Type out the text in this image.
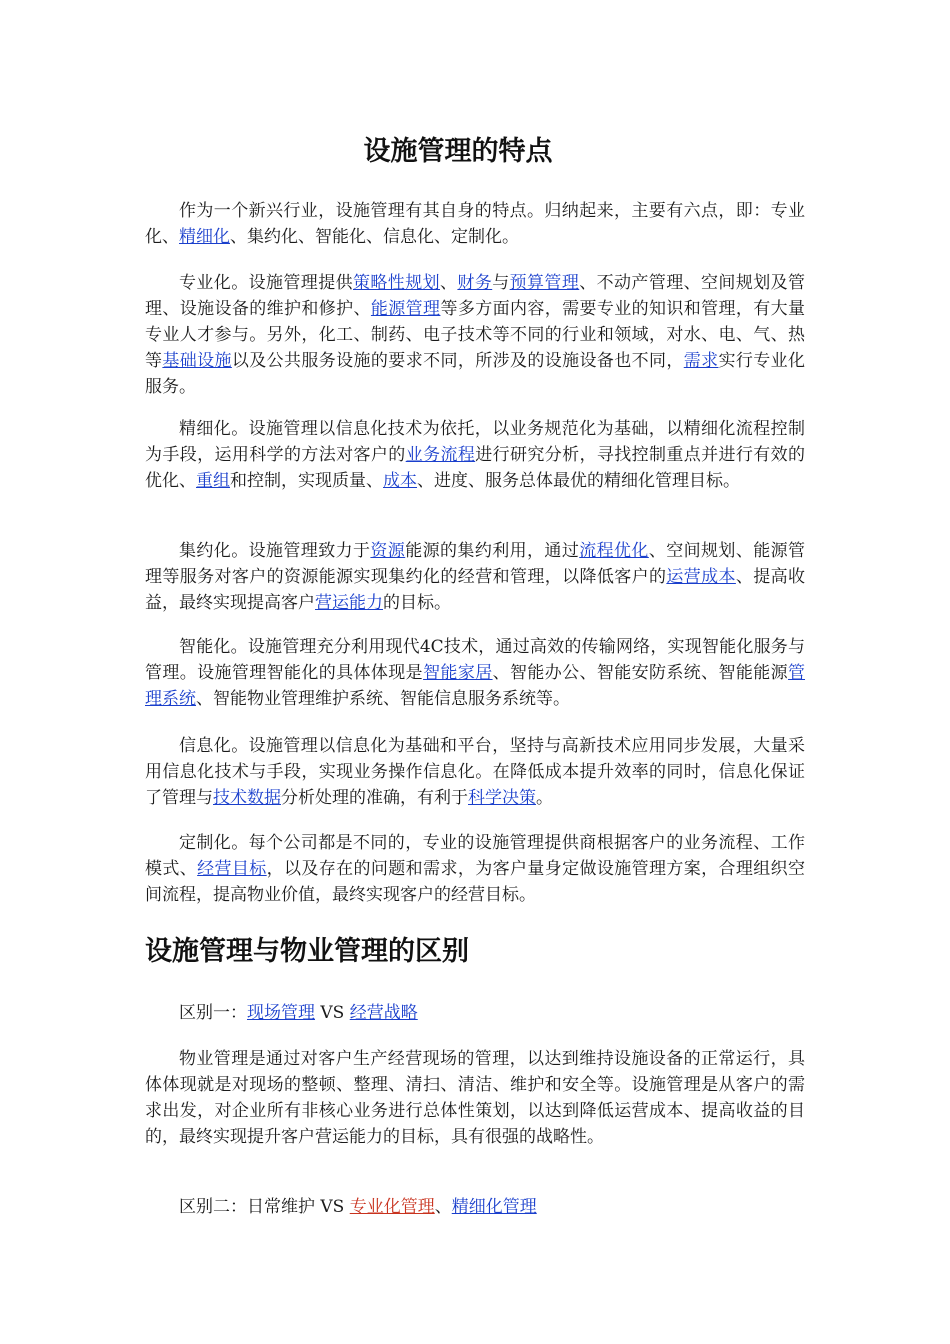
设施管理的特点

作为一个新兴行业，设施管理有其自身的特点。归纳起来，主要有六点，即：专业化、精细化、集约化、智能化、信息化、定制化。

专业化。设施管理提供策略性规划、财务与预算管理、不动产管理、空间规划及管理、设施设备的维护和修护、能源管理等多方面内容，需要专业的知识和管理，有大量专业人才参与。另外，化工、制药、电子技术等不同的行业和领域，对水、电、气、热等基础设施以及公共服务设施的要求不同，所涉及的设施设备也不同，需求实行专业化服务。

精细化。设施管理以信息化技术为依托，以业务规范化为基础，以精细化流程控制为手段，运用科学的方法对客户的业务流程进行研究分析，寻找控制重点并进行有效的优化、重组和控制，实现质量、成本、进度、服务总体最优的精细化管理目标。

集约化。设施管理致力于资源能源的集约利用，通过流程优化、空间规划、能源管理等服务对客户的资源能源实现集约化的经营和管理，以降低客户的运营成本、提高收益，最终实现提高客户营运能力的目标。

智能化。设施管理充分利用现代4C技术，通过高效的传输网络，实现智能化服务与管理。设施管理智能化的具体体现是智能家居、智能办公、智能安防系统、智能能源管理系统、智能物业管理维护系统、智能信息服务系统等。

信息化。设施管理以信息化为基础和平台，坚持与高新技术应用同步发展，大量采用信息化技术与手段，实现业务操作信息化。在降低成本提升效率的同时，信息化保证了管理与技术数据分析处理的准确，有利于科学决策。

定制化。每个公司都是不同的，专业的设施管理提供商根据客户的业务流程、工作模式、经营目标，以及存在的问题和需求，为客户量身定做设施管理方案，合理组织空间流程，提高物业价值，最终实现客户的经营目标。

设施管理与物业管理的区别

区别一：现场管理 VS 经营战略

物业管理是通过对客户生产经营现场的管理，以达到维持设施设备的正常运行，具体体现就是对现场的整顿、整理、清扫、清洁、维护和安全等。设施管理是从客户的需求出发，对企业所有非核心业务进行总体性策划，以达到降低运营成本、提高收益的目的，最终实现提升客户营运能力的目标，具有很强的战略性。

区别二：日常维护 VS 专业化管理、精细化管理
